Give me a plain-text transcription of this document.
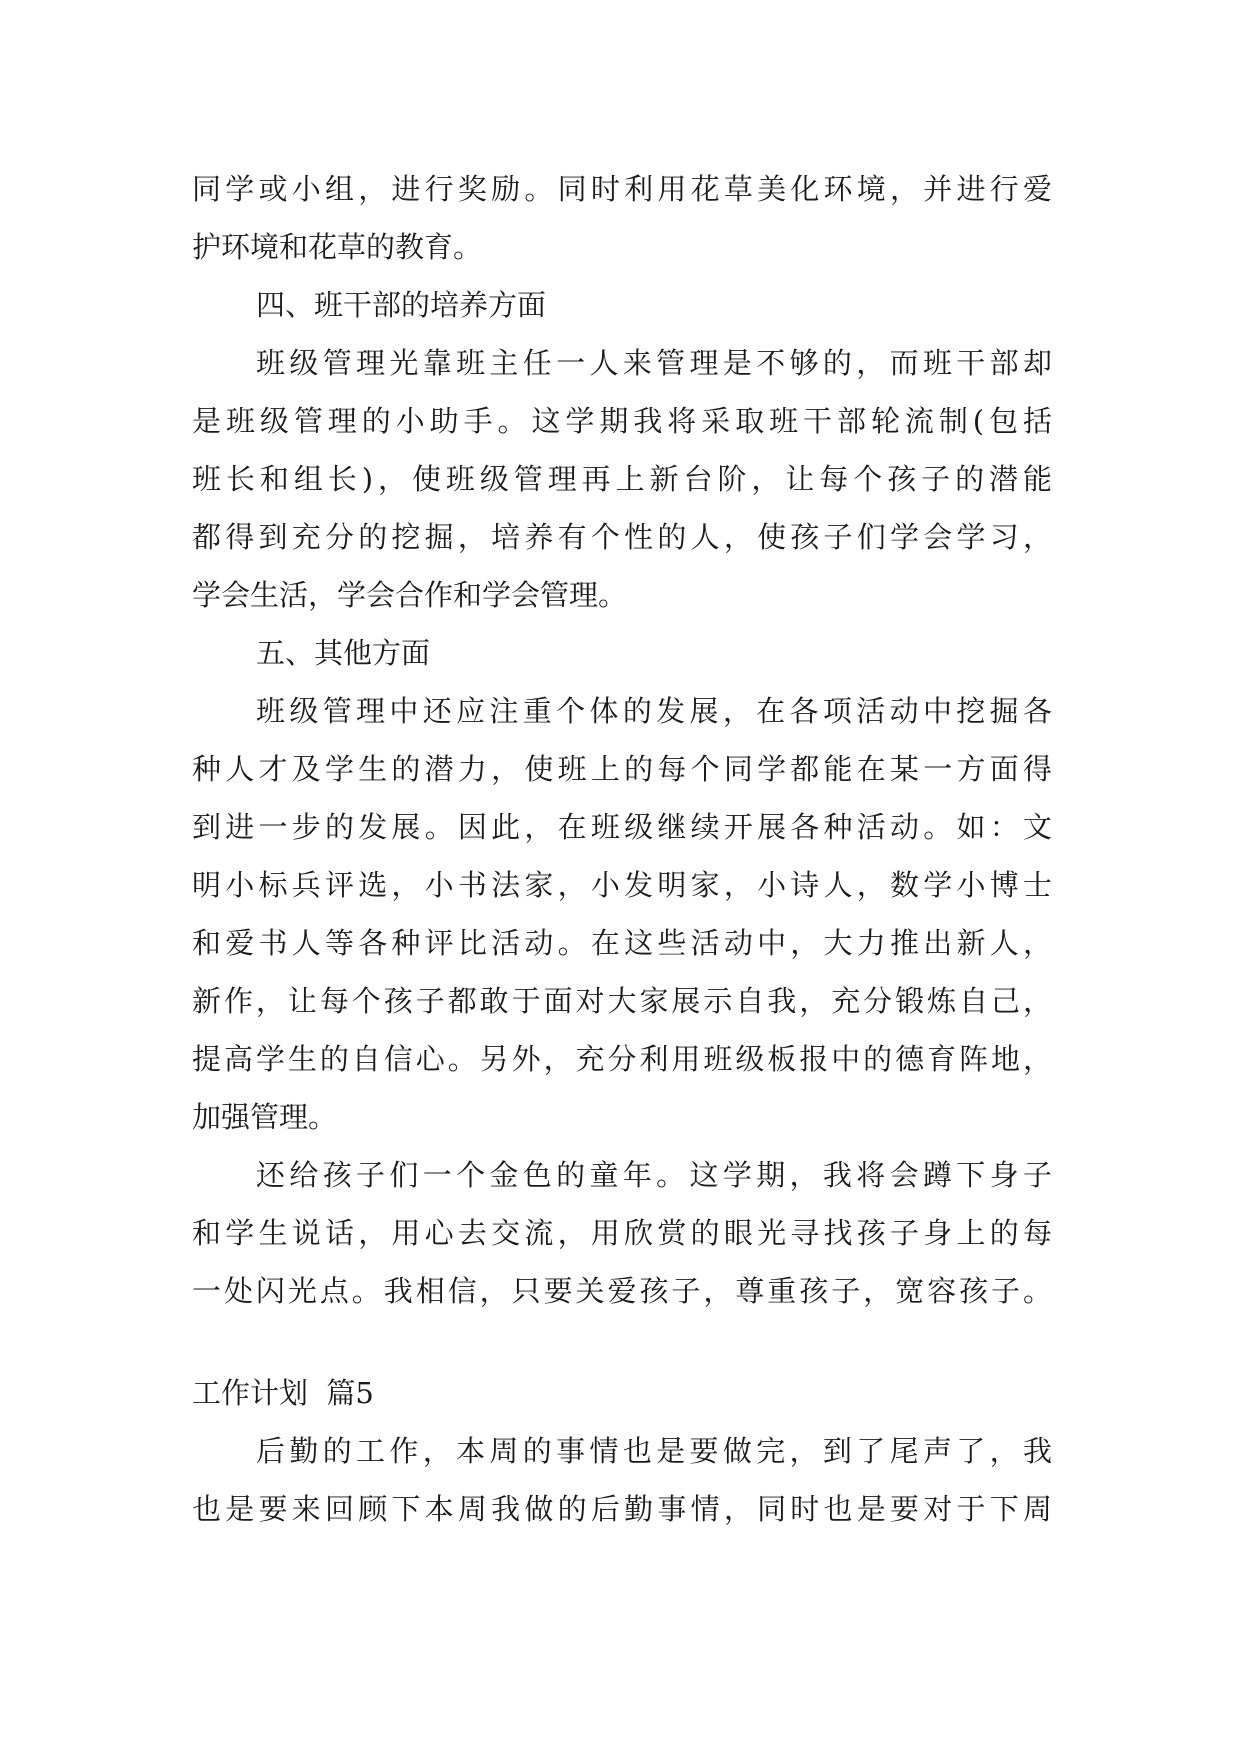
同学或小组，进行奖励。同时利用花草美化环境，并进行爱
护环境和花草的教育。
四、班干部的培养方面
班级管理光靠班主任一人来管理是不够的，而班干部却
是班级管理的小助手。这学期我将采取班干部轮流制(包括
班长和组长)，使班级管理再上新台阶，让每个孩子的潜能
都得到充分的挖掘，培养有个性的人，使孩子们学会学习，
学会生活，学会合作和学会管理。
五、其他方面
班级管理中还应注重个体的发展，在各项活动中挖掘各
种人才及学生的潜力，使班上的每个同学都能在某一方面得
到进一步的发展。因此，在班级继续开展各种活动。如：文
明小标兵评选，小书法家，小发明家，小诗人，数学小博士
和爱书人等各种评比活动。在这些活动中，大力推出新人，
新作，让每个孩子都敢于面对大家展示自我，充分锻炼自己，
提高学生的自信心。另外，充分利用班级板报中的德育阵地，
加强管理。
还给孩子们一个金色的童年。这学期，我将会蹲下身子
和学生说话，用心去交流，用欣赏的眼光寻找孩子身上的每
一处闪光点。我相信，只要关爱孩子，尊重孩子，宽容孩子。
工作计划  篇5
后勤的工作，本周的事情也是要做完，到了尾声了，我
也是要来回顾下本周我做的后勤事情，同时也是要对于下周
